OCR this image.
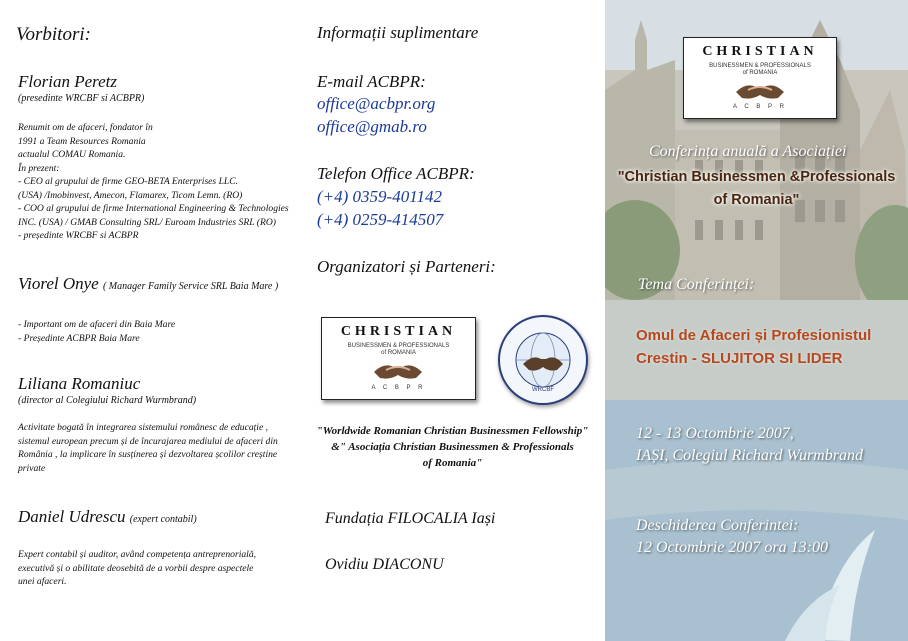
Vorbitori:
Florian Peretz
(presedinte WRCBF si ACBPR)
Renumit om de afaceri, fondator în
1991 a Team Resources Romania
actualul COMAU Romania.
În prezent:
- CEO al grupului de firme GEO-BETA Enterprises LLC.
(USA) /Imobinvest, Amecon, Flamarex, Ticom Lemn. (RO)
- COO al grupului de firme International Engineering & Technologies
INC. (USA) / GMAB Consulting SRL/ Euroam Industries SRL (RO)
- președinte WRCBF si ACBPR
Viorel Onye ( Manager Family Service SRL Baia Mare )
- Important om de afaceri din Baia Mare
- Președinte ACBPR Baia Mare
Liliana Romaniuc
(director al Colegiului Richard Wurmbrand)
Activitate bogată în integrarea sistemului românesc de educație ,
sistemul european precum și de încurajarea mediului de afaceri din
România , la implicare în susținerea și dezvoltarea școlilor creștine
private
Daniel Udrescu (expert contabil)
Expert contabil și auditor, având competența antreprenorială,
executivă și o abilitate deosebită de a vorbii despre aspectele
unei afaceri.
Informații suplimentare
E-mail ACBPR:
office@acbpr.org
office@gmab.ro
Telefon Office ACBPR:
(+4) 0359-401142
(+4) 0259-414507
Organizatori și Parteneri:
CHRISTIAN
BUSINESSMEN & PROFESSIONALS
of ROMANIA
A C B P R	WRCBF
"Worldwide Romanian Christian Businessmen Fellowship"
&" Asociația Christian Businessmen & Professionals
of Romania"
Fundația FILOCALIA Iași
Ovidiu DIACONU
CHRISTIAN
BUSINESSMEN & PROFESSIONALS
of ROMANIA
A C B P R
Conferința anuală a Asociației
"Christian Businessmen &Professionals
of Romania"
Tema Conferinței:
Omul de Afaceri și Profesionistul
Crestin - SLUJITOR SI LIDER
12 - 13 Octombrie 2007,
IAȘI, Colegiul Richard Wurmbrand
Deschiderea Conferintei:
12 Octombrie 2007 ora 13:00
